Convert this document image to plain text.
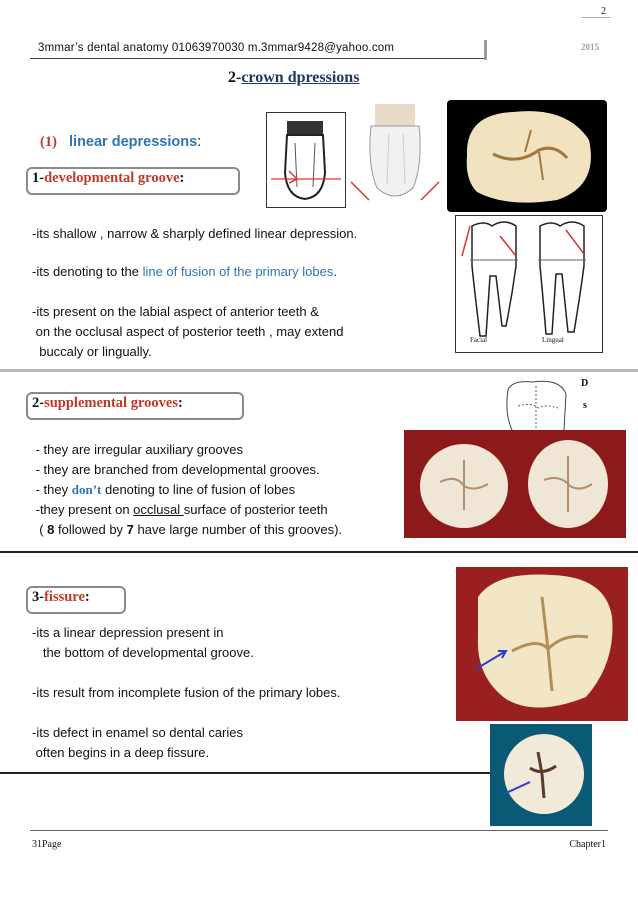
2
3mmar’s dental anatomy 01063970030 m.3mmar9428@yahoo.com	2015
2-crown dpressions
(1) linear depressions:
1-developmental groove:
-its shallow , narrow & sharply defined linear depression.
-its denoting to the line of fusion of the primary lobes.
-its present on the labial aspect of anterior teeth &
on the occlusal aspect of posterior teeth , may extend
buccaly or lingually.
Facial	Lingual
2-supplemental grooves:
D
s
- they are irregular auxiliary grooves
- they are branched from developmental grooves.
- they don’t denoting to line of fusion of lobes
-they present on occlusal surface of posterior teeth
( 8 followed by 7 have large number of this grooves).
3-fissure:
-its a linear depression present in
the bottom of developmental groove.
-its result from incomplete fusion of the primary lobes.
-its defect in enamel so dental caries
often begins in a deep fissure.
31Page	Chapter1
